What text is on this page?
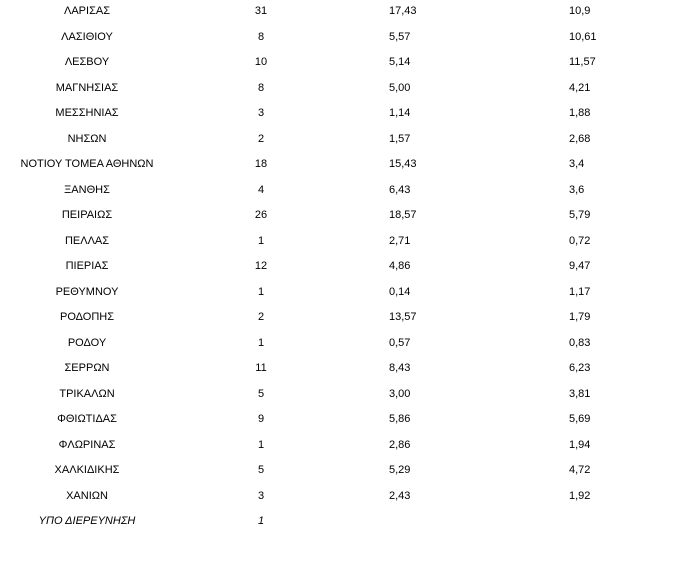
ΛΑΡΙΣΑΣ	31	17,43	10,9
ΛΑΣΙΘΙΟΥ	8	5,57	10,61
ΛΕΣΒΟΥ	10	5,14	11,57
ΜΑΓΝΗΣΙΑΣ	8	5,00	4,21
ΜΕΣΣΗΝΙΑΣ	3	1,14	1,88
ΝΗΣΩΝ	2	1,57	2,68
ΝΟΤΙΟΥ ΤΟΜΕΑ ΑΘΗΝΩΝ	18	15,43	3,4
ΞΑΝΘΗΣ	4	6,43	3,6
ΠΕΙΡΑΙΩΣ	26	18,57	5,79
ΠΕΛΛΑΣ	1	2,71	0,72
ΠΙΕΡΙΑΣ	12	4,86	9,47
ΡΕΘΥΜΝΟΥ	1	0,14	1,17
ΡΟΔΟΠΗΣ	2	13,57	1,79
ΡΟΔΟΥ	1	0,57	0,83
ΣΕΡΡΩΝ	11	8,43	6,23
ΤΡΙΚΑΛΩΝ	5	3,00	3,81
ΦΘΙΩΤΙΔΑΣ	9	5,86	5,69
ΦΛΩΡΙΝΑΣ	1	2,86	1,94
ΧΑΛΚΙΔΙΚΗΣ	5	5,29	4,72
ΧΑΝΙΩΝ	3	2,43	1,92
ΥΠΟ ΔΙΕΡΕΥΝΗΣΗ	1
